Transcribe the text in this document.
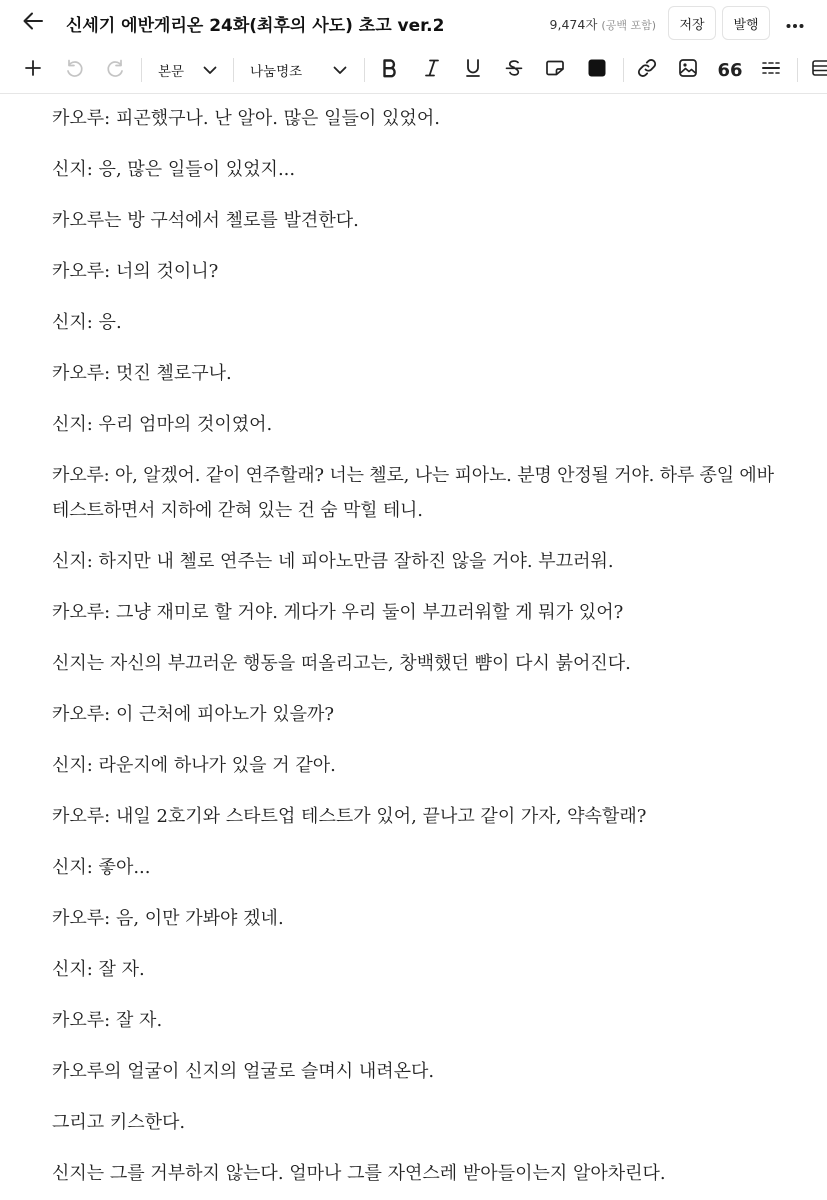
신세기 에반게리온 24화(최후의 사도) 초고 ver.2	9,474자 (공백 포함)	저장	발행
본문	나눔명조	66

카오루: 피곤했구나. 난 알아. 많은 일들이 있었어.

신지: 응, 많은 일들이 있었지...

카오루는 방 구석에서 첼로를 발견한다.

카오루: 너의 것이니?

신지: 응.

카오루: 멋진 첼로구나.

신지: 우리 엄마의 것이였어.

카오루: 아, 알겠어. 같이 연주할래? 너는 첼로, 나는 피아노. 분명 안정될 거야. 하루 종일 에바 테스트하면서 지하에 갇혀 있는 건 숨 막힐 테니.

신지: 하지만 내 첼로 연주는 네 피아노만큼 잘하진 않을 거야. 부끄러워.

카오루: 그냥 재미로 할 거야. 게다가 우리 둘이 부끄러워할 게 뭐가 있어?

신지는 자신의 부끄러운 행동을 떠올리고는, 창백했던 뺨이 다시 붉어진다.

카오루: 이 근처에 피아노가 있을까?

신지: 라운지에 하나가 있을 거 같아.

카오루: 내일 2호기와 스타트업 테스트가 있어, 끝나고 같이 가자, 약속할래?

신지: 좋아...

카오루: 음, 이만 가봐야 겠네.

신지: 잘 자.

카오루: 잘 자.

카오루의 얼굴이 신지의 얼굴로 슬며시 내려온다.

그리고 키스한다.

신지는 그를 거부하지 않는다. 얼마나 그를 자연스레 받아들이는지 알아차린다.
